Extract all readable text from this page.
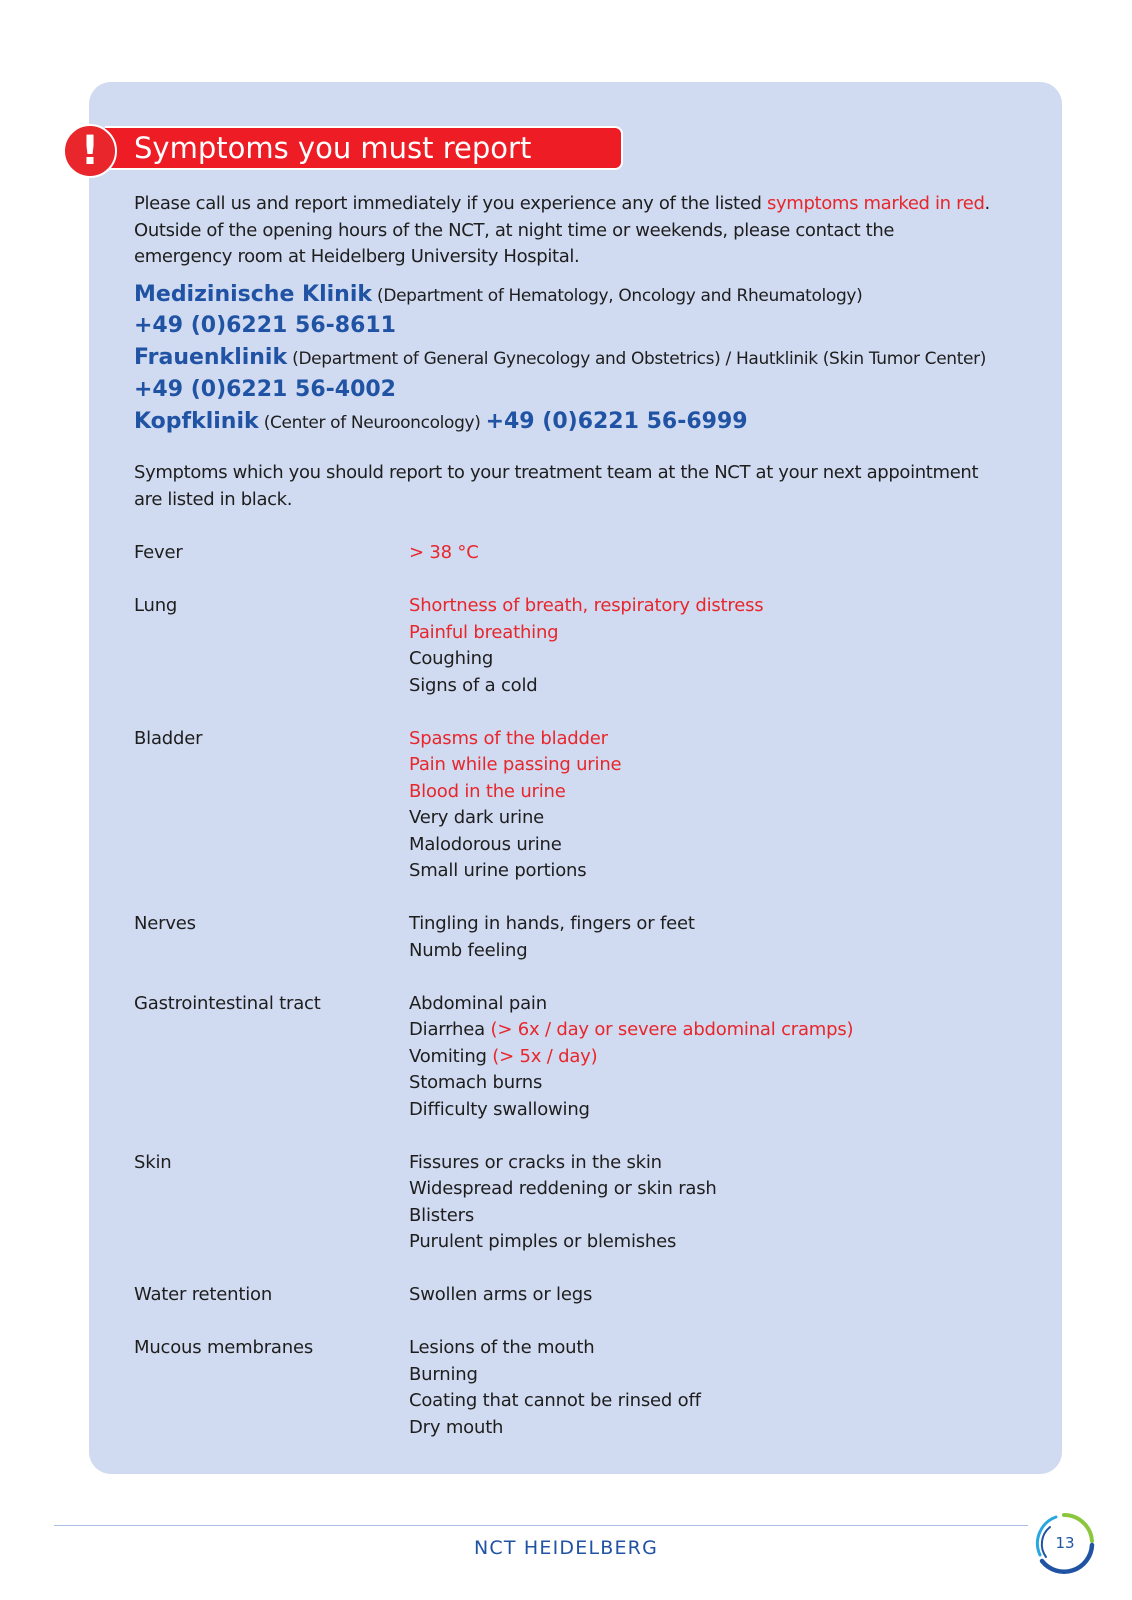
!	Symptoms you must report
Please call us and report immediately if you experience any of the listed symptoms marked in red. Outside of the opening hours of the NCT, at night time or weekends, please contact the emergency room at Heidelberg University Hospital.
Medizinische Klinik (Department of Hematology, Oncology and Rheumatology)
+49 (0)6221 56-8611
Frauenklinik (Department of General Gynecology and Obstetrics) / Hautklinik (Skin Tumor Center)
+49 (0)6221 56-4002
Kopfklinik (Center of Neurooncology) +49 (0)6221 56-6999
Symptoms which you should report to your treatment team at the NCT at your next appointment are listed in black.
Fever	> 38 °C
Lung	Shortness of breath, respiratory distress
Painful breathing
Coughing
Signs of a cold
Bladder	Spasms of the bladder
Pain while passing urine
Blood in the urine
Very dark urine
Malodorous urine
Small urine portions
Nerves	Tingling in hands, fingers or feet
Numb feeling
Gastrointestinal tract	Abdominal pain
Diarrhea (> 6x / day or severe abdominal cramps)
Vomiting (> 5x / day)
Stomach burns
Difficulty swallowing
Skin	Fissures or cracks in the skin
Widespread reddening or skin rash
Blisters
Purulent pimples or blemishes
Water retention	Swollen arms or legs
Mucous membranes	Lesions of the mouth
Burning
Coating that cannot be rinsed off
Dry mouth
NCT HEIDELBERG	13
